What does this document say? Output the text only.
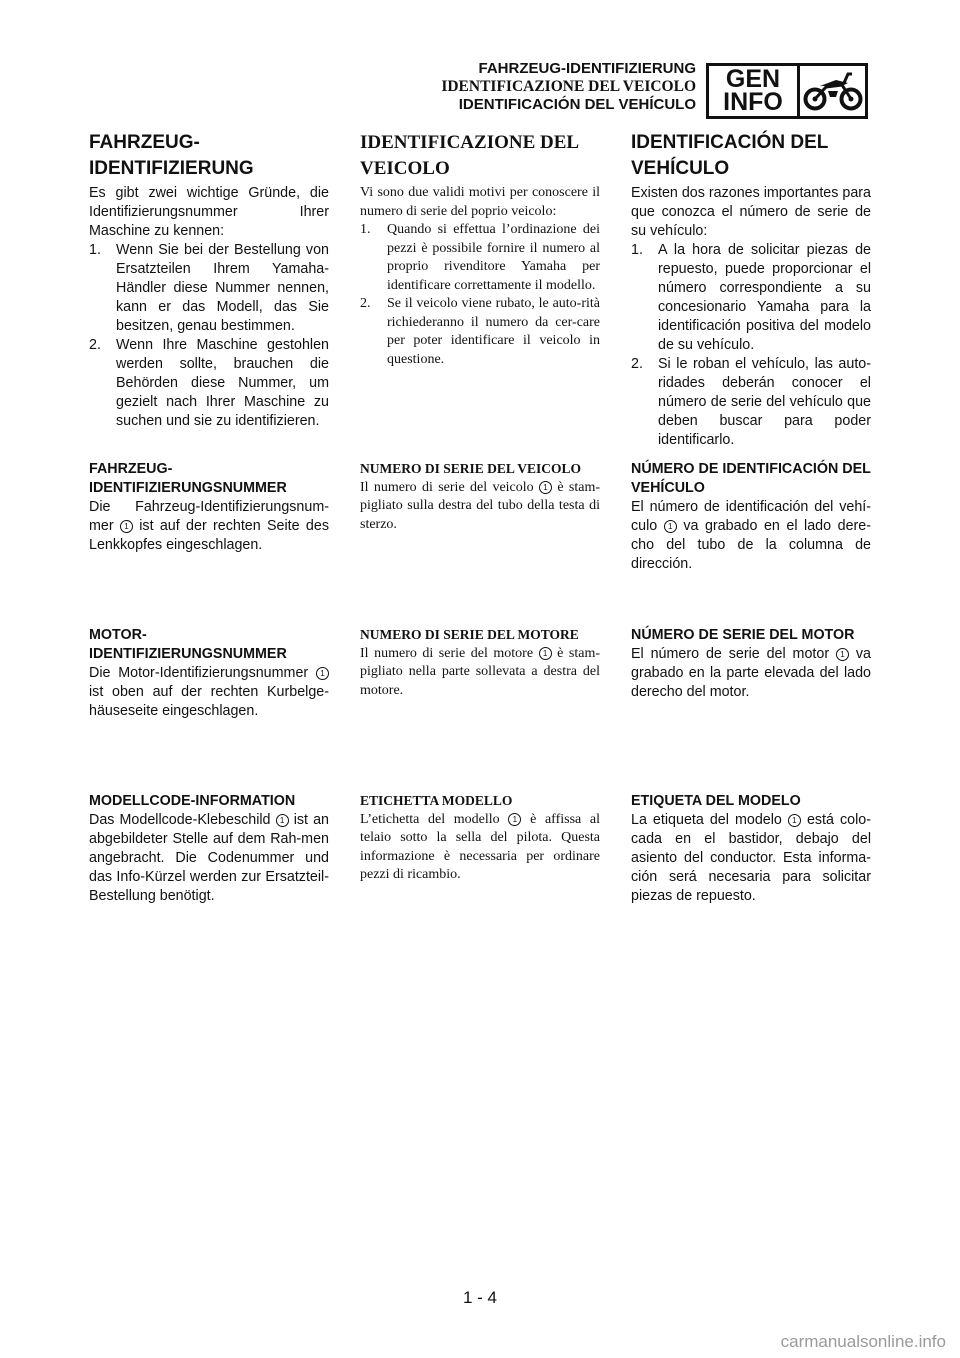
FAHRZEUG-IDENTIFIZIERUNG
IDENTIFICAZIONE DEL VEICOLO
IDENTIFICACIÓN DEL VEHÍCULO
GEN
INFO
FAHRZEUG-IDENTIFIZIERUNG

Es gibt zwei wichtige Gründe, die Identifizierungsnummer Ihrer Maschine zu kennen:

1. Wenn Sie bei der Bestellung von Ersatzteilen Ihrem Yamaha-Händler diese Nummer nennen, kann er das Modell, das Sie besitzen, genau bestimmen.
2. Wenn Ihre Maschine gestohlen werden sollte, brauchen die Behörden diese Nummer, um gezielt nach Ihrer Maschine zu suchen und sie zu identifizieren.
FAHRZEUG-IDENTIFIZIERUNGSNUMMER

Die Fahrzeug-Identifizierungsnum-mer 1 ist auf der rechten Seite des Lenkkopfes eingeschlagen.

MOTOR-IDENTIFIZIERUNGSNUMMER

Die Motor-Identifizierungsnummer 1 ist oben auf der rechten Kurbelge-häuseseite eingeschlagen.

MODELLCODE-INFORMATION

Das Modellcode-Klebeschild 1 ist an abgebildeter Stelle auf dem Rah-men angebracht. Die Codenummer und das Info-Kürzel werden zur Ersatzteil-Bestellung benötigt.

IDENTIFICAZIONE DEL VEICOLO

Vi sono due validi motivi per conoscere il numero di serie del poprio veicolo:

1. Quando si effettua l’ordinazione dei pezzi è possibile fornire il numero al proprio rivenditore Yamaha per identificare correttamente il modello.
2. Se il veicolo viene rubato, le auto-rità richiederanno il numero da cer-care per poter identificare il veicolo in questione.
NUMERO DI SERIE DEL VEICOLO

Il numero di serie del veicolo 1 è stam-pigliato sulla destra del tubo della testa di sterzo.

NUMERO DI SERIE DEL MOTORE

Il numero di serie del motore 1 è stam-pigliato nella parte sollevata a destra del motore.

ETICHETTA MODELLO

L’etichetta del modello 1 è affissa al telaio sotto la sella del pilota. Questa informazione è necessaria per ordinare pezzi di ricambio.

IDENTIFICACIÓN DEL VEHÍCULO

Existen dos razones importantes para que conozca el número de serie de su vehículo:

1. A la hora de solicitar piezas de repuesto, puede proporcionar el número correspondiente a su concesionario Yamaha para la identificación positiva del modelo de su vehículo.
2. Si le roban el vehículo, las auto-ridades deberán conocer el número de serie del vehículo que deben buscar para poder identificarlo.
NÚMERO DE IDENTIFICACIÓN DEL VEHÍCULO

El número de identificación del vehí-culo 1 va grabado en el lado dere-cho del tubo de la columna de dirección.

NÚMERO DE SERIE DEL MOTOR

El número de serie del motor 1 va grabado en la parte elevada del lado derecho del motor.

ETIQUETA DEL MODELO

La etiqueta del modelo 1 está colo-cada en el bastidor, debajo del asiento del conductor. Esta informa-ción será necesaria para solicitar piezas de repuesto.

1 - 4
carmanualsonline.info
